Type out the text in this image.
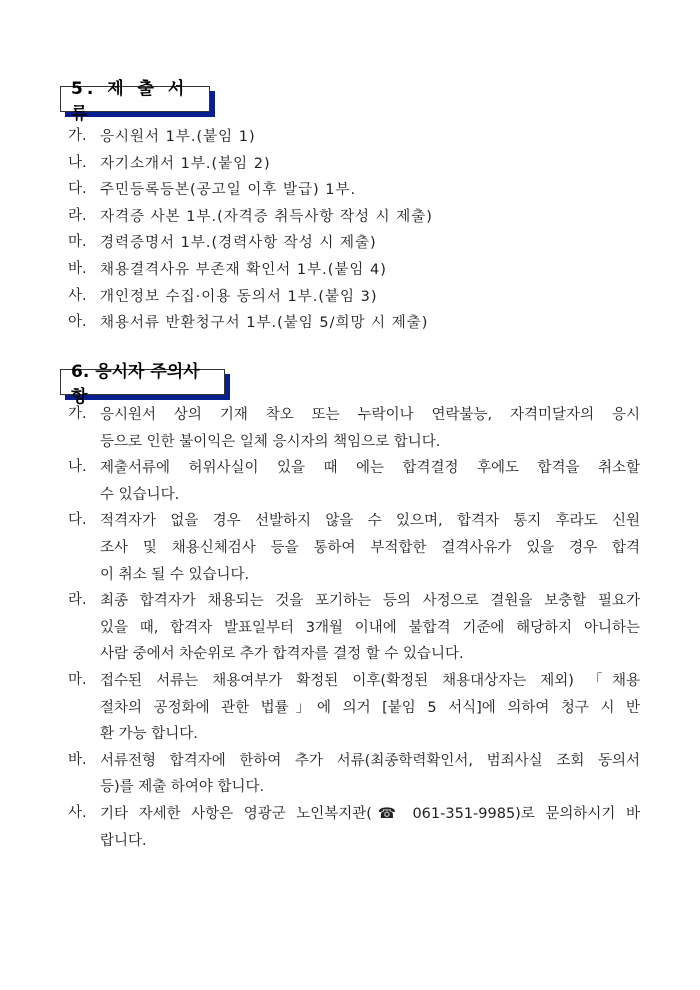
5. 제 출 서 류
가. 응시원서 1부.(붙임 1)
나. 자기소개서 1부.(붙임 2)
다. 주민등록등본(공고일 이후 발급) 1부.
라. 자격증 사본 1부.(자격증 취득사항 작성 시 제출)
마. 경력증명서 1부.(경력사항 작성 시 제출)
바. 채용결격사유 부존재 확인서 1부.(붙임 4)
사. 개인정보 수집·이용 동의서 1부.(붙임 3)
아. 채용서류 반환청구서 1부.(붙임 5/희망 시 제출)
6. 응시자 주의사항
가. 응시원서 상의 기재 착오 또는 누락이나 연락불능, 자격미달자의 응시
등으로 인한 불이익은 일체 응시자의 책임으로 합니다.
나. 제출서류에 허위사실이 있을 때 에는 합격결정 후에도 합격을 취소할
수 있습니다.
다. 적격자가 없을 경우 선발하지 않을 수 있으며, 합격자 통지 후라도 신원
조사 및 채용신체검사 등을 통하여 부적합한 결격사유가 있을 경우 합격
이 취소 될 수 있습니다.
라. 최종 합격자가 채용되는 것을 포기하는 등의 사정으로 결원을 보충할 필요가
있을 때, 합격자 발표일부터 3개월 이내에 불합격 기준에 해당하지 아니하는
사람 중에서 차순위로 추가 합격자를 결정 할 수 있습니다.
마. 접수된 서류는 채용여부가 확정된 이후(확정된 채용대상자는 제외) 「채용
절차의 공정화에 관한 법률」에 의거 [붙임 5 서식]에 의하여 청구 시 반
환 가능 합니다.
바. 서류전형 합격자에 한하여 추가 서류(최종학력확인서, 범죄사실 조회 동의서
등)를 제출 하여야 합니다.
사. 기타 자세한 사항은 영광군 노인복지관(☎ 061-351-9985)로 문의하시기 바
랍니다.
